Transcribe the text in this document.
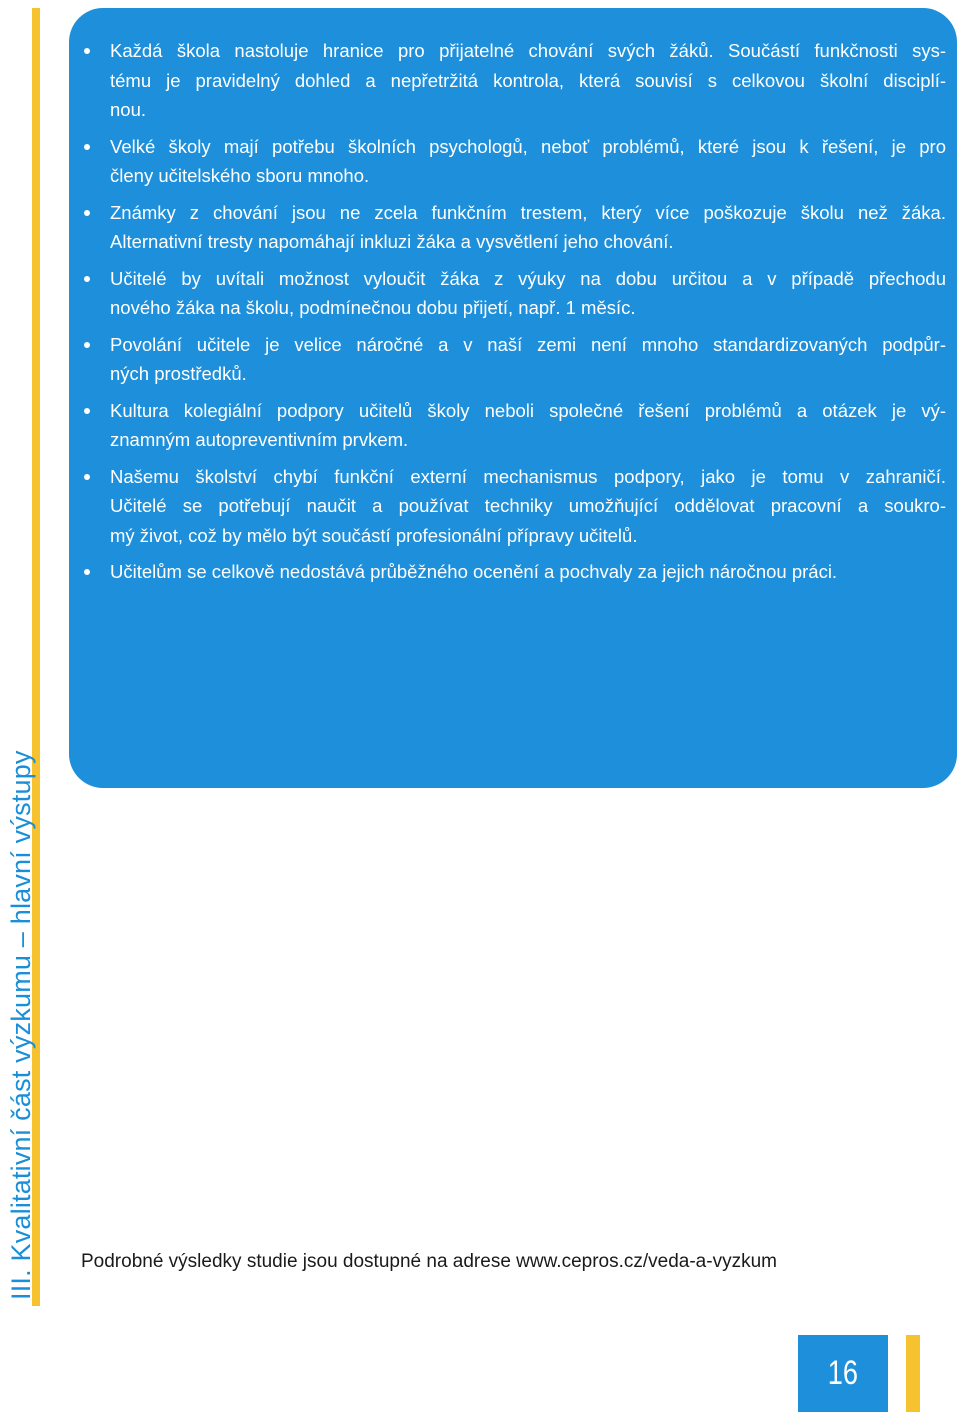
III. Kvalitativní část výzkumu – hlavní výstupy
Každá škola nastoluje hranice pro přijatelné chování svých žáků. Součástí funkčnosti sys-
tému je pravidelný dohled a nepřetržitá kontrola, která souvisí s celkovou školní disciplí-
nou.
Velké školy mají potřebu školních psychologů, neboť problémů, které jsou k řešení, je pro
členy učitelského sboru mnoho.
Známky z chování jsou ne zcela funkčním trestem, který více poškozuje školu než žáka.
Alternativní tresty napomáhají inkluzi žáka a vysvětlení jeho chování.
Učitelé by uvítali možnost vyloučit žáka z výuky na dobu určitou a v případě přechodu
nového žáka na školu, podmínečnou dobu přijetí, např. 1 měsíc.
Povolání učitele je velice náročné a v naší zemi není mnoho standardizovaných podpůr-
ných prostředků.
Kultura kolegiální podpory učitelů školy neboli společné řešení problémů a otázek je vý-
znamným autopreventivním prvkem.
Našemu školství chybí funkční externí mechanismus podpory, jako je tomu v zahraničí.
Učitelé se potřebují naučit a používat techniky umožňující oddělovat pracovní a soukro-
mý život, což by mělo být součástí profesionální přípravy učitelů.
Učitelům se celkově nedostává průběžného ocenění a pochvaly za jejich náročnou práci.
Podrobné výsledky studie jsou dostupné na adrese www.cepros.cz/veda-a-vyzkum
16
